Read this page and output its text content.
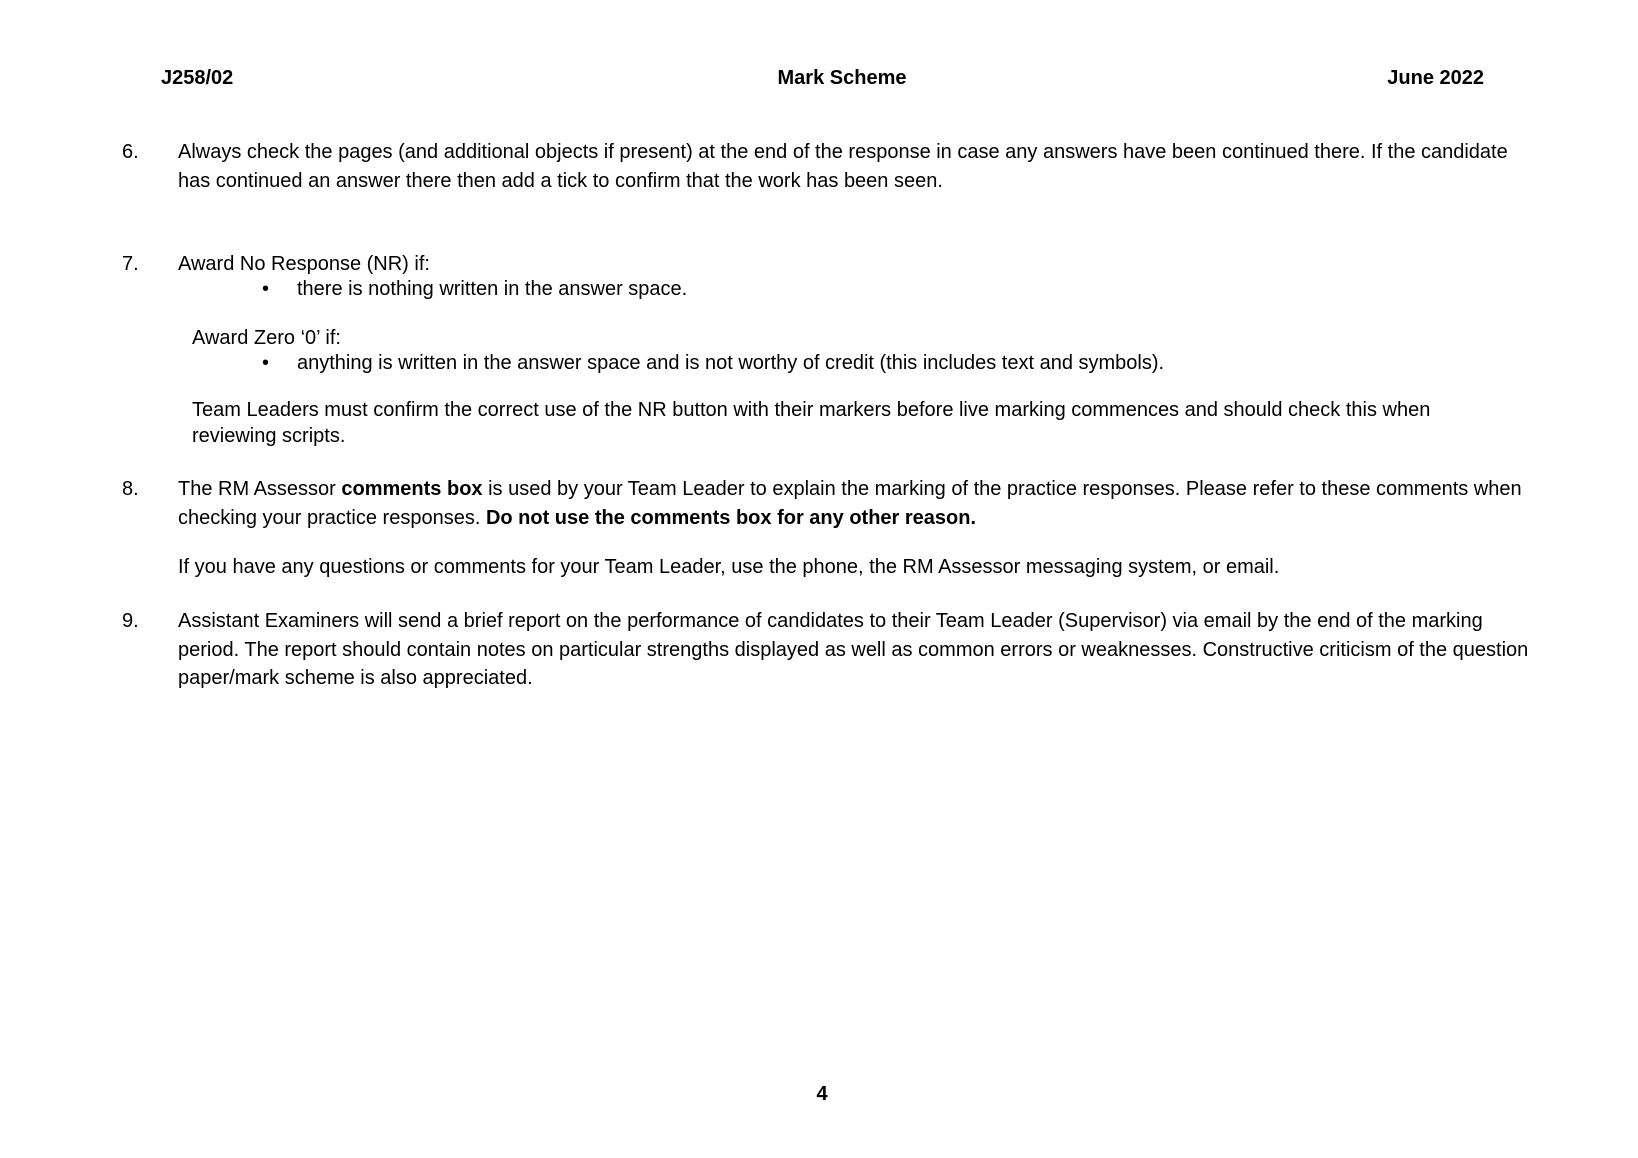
J258/02	Mark Scheme	June 2022
6. Always check the pages (and additional objects if present) at the end of the response in case any answers have been continued there. If the candidate has continued an answer there then add a tick to confirm that the work has been seen.
7. Award No Response (NR) if:
• there is nothing written in the answer space.
Award Zero ‘0’ if:
• anything is written in the answer space and is not worthy of credit (this includes text and symbols).
Team Leaders must confirm the correct use of the NR button with their markers before live marking commences and should check this when reviewing scripts.
8. The RM Assessor comments box is used by your Team Leader to explain the marking of the practice responses. Please refer to these comments when checking your practice responses. Do not use the comments box for any other reason.
If you have any questions or comments for your Team Leader, use the phone, the RM Assessor messaging system, or email.
9. Assistant Examiners will send a brief report on the performance of candidates to their Team Leader (Supervisor) via email by the end of the marking period. The report should contain notes on particular strengths displayed as well as common errors or weaknesses. Constructive criticism of the question paper/mark scheme is also appreciated.
4
